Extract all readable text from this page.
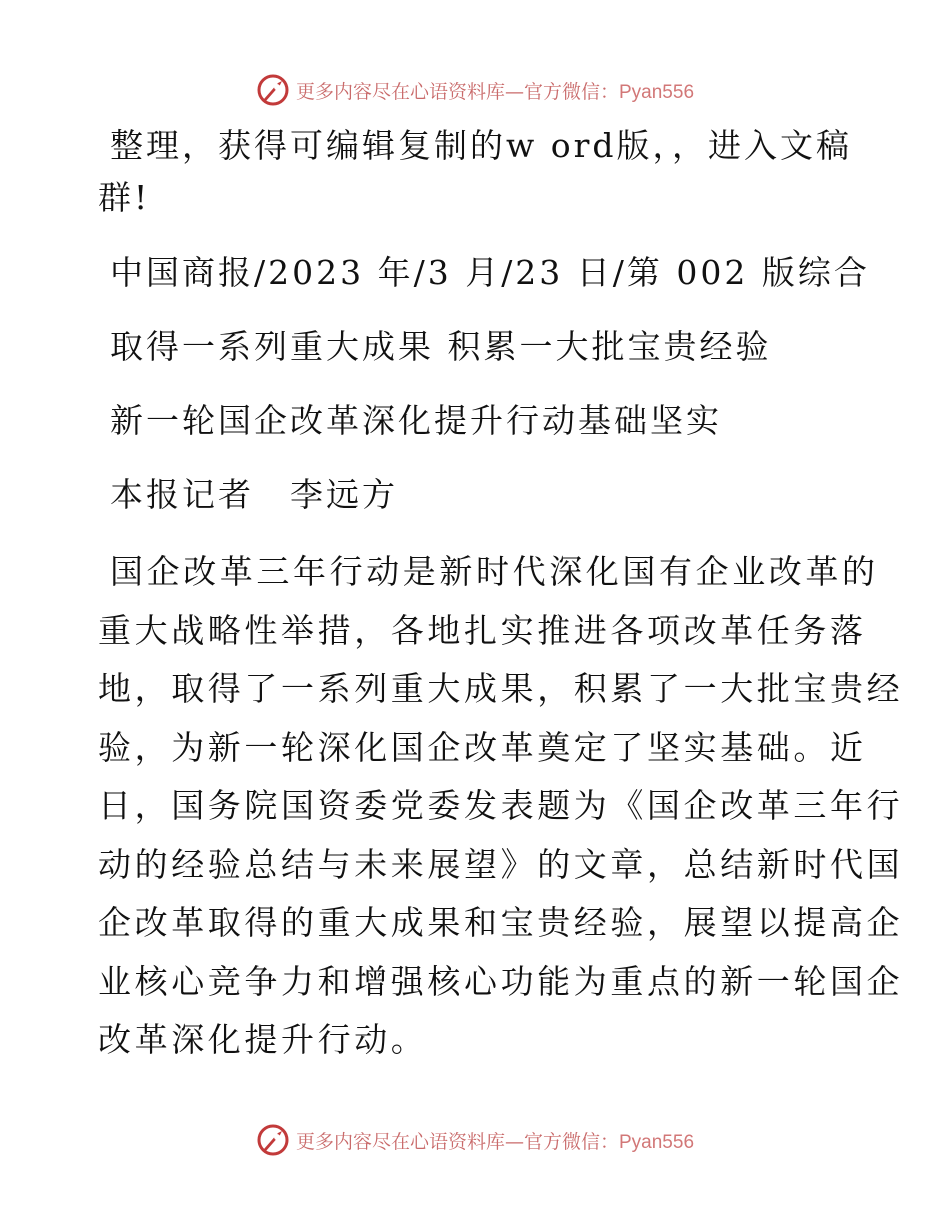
更多内容尽在心语资料库—官方微信：Pyan556
整理，获得可编辑复制的w ord版，，进入文稿
群!
中国商报/2023 年/3 月/23 日/第 002 版综合
取得一系列重大成果 积累一大批宝贵经验
新一轮国企改革深化提升行动基础坚实
本报记者　李远方
国企改革三年行动是新时代深化国有企业改革的
重大战略性举措，各地扎实推进各项改革任务落
地，取得了一系列重大成果，积累了一大批宝贵经
验，为新一轮深化国企改革奠定了坚实基础。近
日，国务院国资委党委发表题为《国企改革三年行
动的经验总结与未来展望》的文章，总结新时代国
企改革取得的重大成果和宝贵经验，展望以提高企
业核心竞争力和增强核心功能为重点的新一轮国企
改革深化提升行动。
更多内容尽在心语资料库—官方微信：Pyan556
